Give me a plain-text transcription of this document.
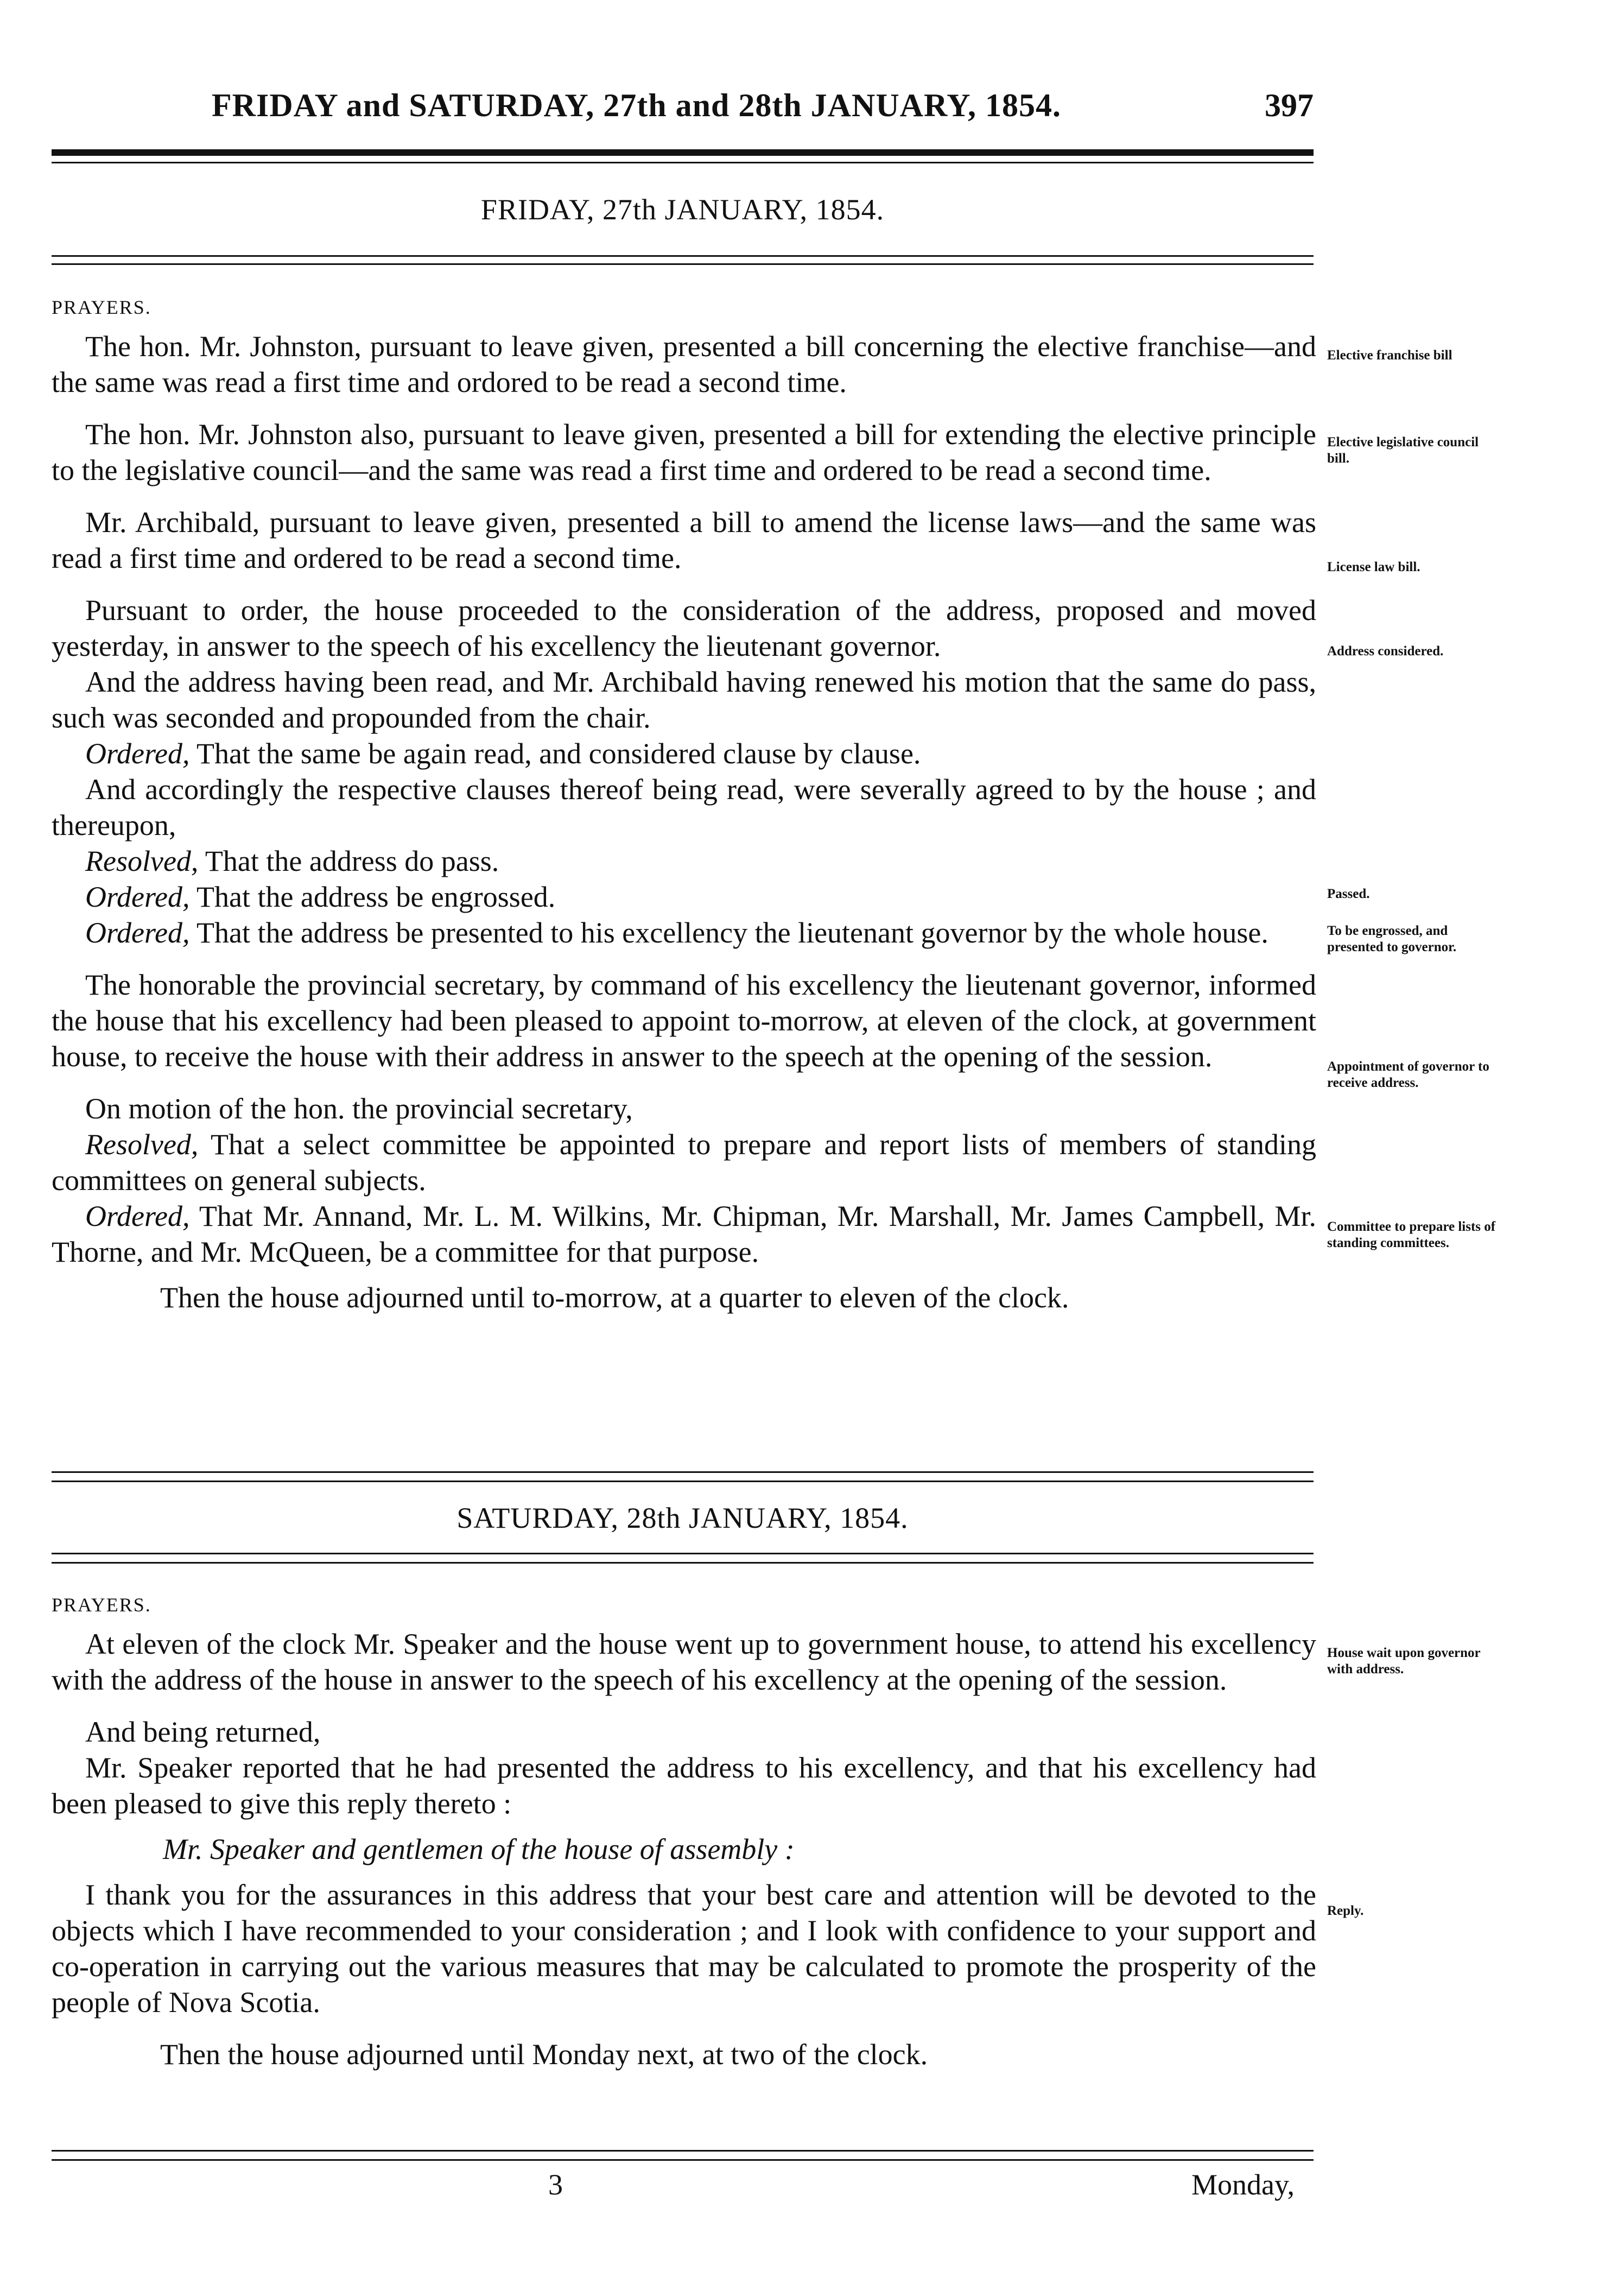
FRIDAY and SATURDAY, 27th and 28th JANUARY, 1854.	397
FRIDAY, 27th JANUARY, 1854.

PRAYERS.

The hon. Mr. Johnston, pursuant to leave given, presented a bill concerning the elective franchise—and the same was read a first time and ordored to be read a second time.

The hon. Mr. Johnston also, pursuant to leave given, presented a bill for extending the elective principle to the legislative council—and the same was read a first time and ordered to be read a second time.

Mr. Archibald, pursuant to leave given, presented a bill to amend the license laws—and the same was read a first time and ordered to be read a second time.

Pursuant to order, the house proceeded to the consideration of the address, proposed and moved yesterday, in answer to the speech of his excellency the lieutenant governor.

And the address having been read, and Mr. Archibald having renewed his motion that the same do pass, such was seconded and propounded from the chair.

Ordered, That the same be again read, and considered clause by clause.

And accordingly the respective clauses thereof being read, were severally agreed to by the house ; and thereupon,

Resolved, That the address do pass.

Ordered, That the address be engrossed.

Ordered, That the address be presented to his excellency the lieutenant governor by the whole house.

The honorable the provincial secretary, by command of his excellency the lieutenant governor, informed the house that his excellency had been pleased to appoint to-morrow, at eleven of the clock, at government house, to receive the house with their address in answer to the speech at the opening of the session.

On motion of the hon. the provincial secretary,

Resolved, That a select committee be appointed to prepare and report lists of members of standing committees on general subjects.

Ordered, That Mr. Annand, Mr. L. M. Wilkins, Mr. Chipman, Mr. Marshall, Mr. James Campbell, Mr. Thorne, and Mr. McQueen, be a committee for that purpose.

Then the house adjourned until to-morrow, at a quarter to eleven of the clock.

Elective franchise bill
Elective legislative council bill.
License law bill.
Address considered.
Passed.
To be engrossed, and presented to governor.
Appointment of governor to receive address.
Committee to prepare lists of standing committees.
SATURDAY, 28th JANUARY, 1854.

PRAYERS.

At eleven of the clock Mr. Speaker and the house went up to government house, to attend his excellency with the address of the house in answer to the speech of his excellency at the opening of the session.

And being returned,

Mr. Speaker reported that he had presented the address to his excellency, and that his excellency had been pleased to give this reply thereto :

Mr. Speaker and gentlemen of the house of assembly :

I thank you for the assurances in this address that your best care and attention will be devoted to the objects which I have recommended to your consideration ; and I look with confidence to your support and co-operation in carrying out the various measures that may be calculated to promote the prosperity of the people of Nova Scotia.

Then the house adjourned until Monday next, at two of the clock.

House wait upon governor with address.
Reply.
3	Monday,
